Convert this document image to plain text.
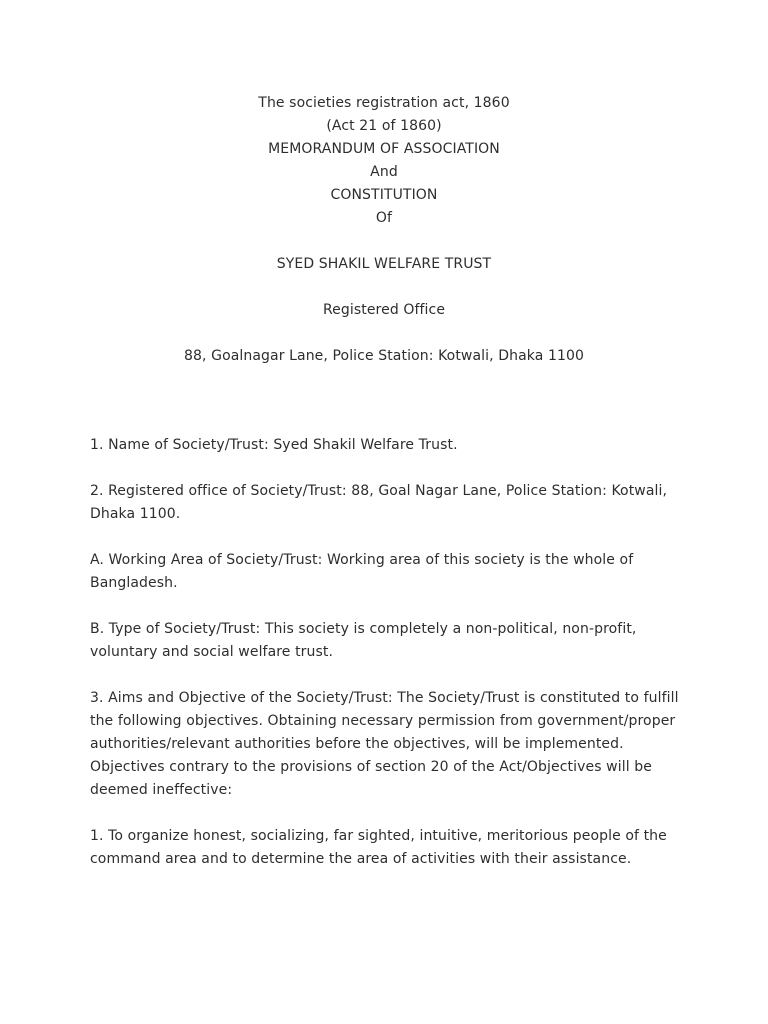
The societies registration act, 1860
(Act 21 of 1860)
MEMORANDUM OF ASSOCIATION
And
CONSTITUTION
Of
SYED SHAKIL WELFARE TRUST
Registered Office
88, Goalnagar Lane, Police Station: Kotwali, Dhaka 1100

1. Name of Society/Trust: Syed Shakil Welfare Trust.

2. Registered office of Society/Trust: 88, Goal Nagar Lane, Police Station: Kotwali, Dhaka 1100.

A. Working Area of Society/Trust: Working area of this society is the whole of Bangladesh.

B. Type of Society/Trust: This society is completely a non-political, non-profit, voluntary and social welfare trust.

3. Aims and Objective of the Society/Trust: The Society/Trust is constituted to fulfill the following objectives. Obtaining necessary permission from government/proper authorities/relevant authorities before the objectives, will be implemented. Objectives contrary to the provisions of section 20 of the Act/Objectives will be deemed ineffective:

1. To organize honest, socializing, far sighted, intuitive, meritorious people of the command area and to determine the area of activities with their assistance.
